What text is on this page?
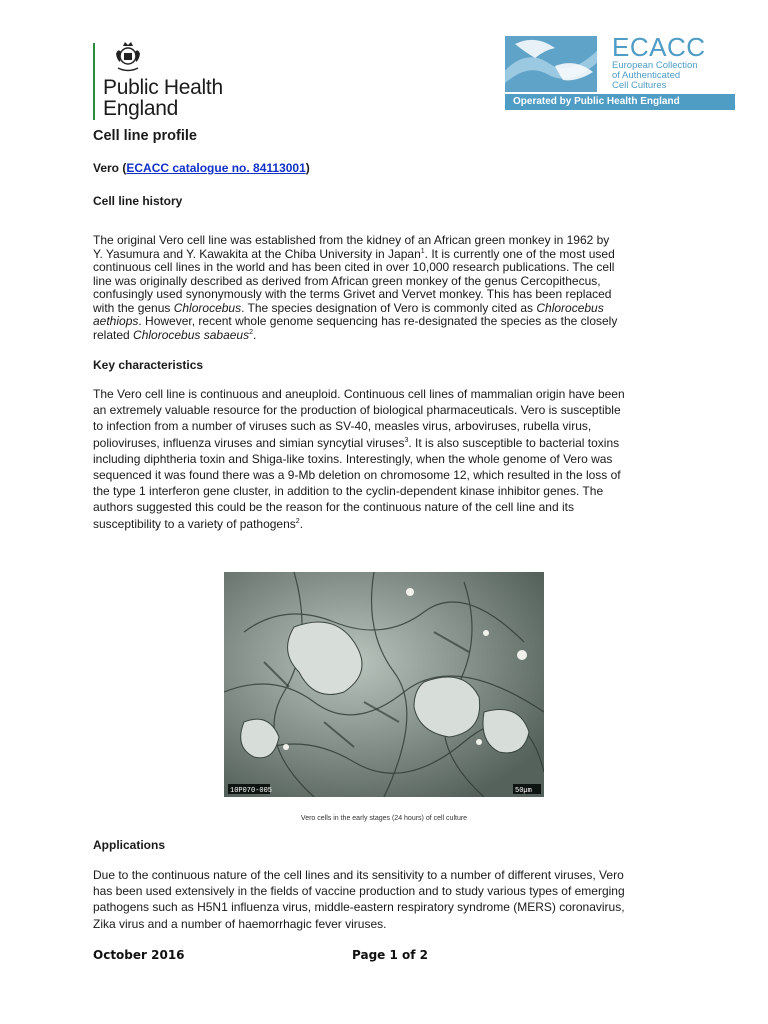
Public Health
England
ECACC
European Collection
of Authenticated
Cell Cultures
Operated by Public Health England
Cell line profile
Vero (ECACC catalogue no. 84113001)
Cell line history
The original Vero cell line was established from the kidney of an African green monkey in 1962 by
Y. Yasumura and Y. Kawakita at the Chiba University in Japan$^1$. It is currently one of the most used
continuous cell lines in the world and has been cited in over 10,000 research publications. The cell
line was originally described as derived from African green monkey of the genus Cercopithecus,
confusingly used synonymously with the terms Grivet and Vervet monkey. This has been replaced
with the genus Chlorocebus. The species designation of Vero is commonly cited as Chlorocebus
aethiops. However, recent whole genome sequencing has re-designated the species as the closely
related Chlorocebus sabaeus$^2$.
Key characteristics
The Vero cell line is continuous and aneuploid. Continuous cell lines of mammalian origin have been
an extremely valuable resource for the production of biological pharmaceuticals. Vero is susceptible
to infection from a number of viruses such as SV-40, measles virus, arboviruses, rubella virus,
polioviruses, influenza viruses and simian syncytial viruses$^3$. It is also susceptible to bacterial toxins
including diphtheria toxin and Shiga-like toxins. Interestingly, when the whole genome of Vero was
sequenced it was found there was a 9-Mb deletion on chromosome 12, which resulted in the loss of
the type 1 interferon gene cluster, in addition to the cyclin-dependent kinase inhibitor genes. The
authors suggested this could be the reason for the continuous nature of the cell line and its
susceptibility to a variety of pathogens$^2$.
10P070-005	50µm
Vero cells in the early stages (24 hours) of cell culture
Applications
Due to the continuous nature of the cell lines and its sensitivity to a number of different viruses, Vero
has been used extensively in the fields of vaccine production and to study various types of emerging
pathogens such as H5N1 influenza virus, middle-eastern respiratory syndrome (MERS) coronavirus,
Zika virus and a number of haemorrhagic fever viruses.
October 2016	Page 1 of 2
